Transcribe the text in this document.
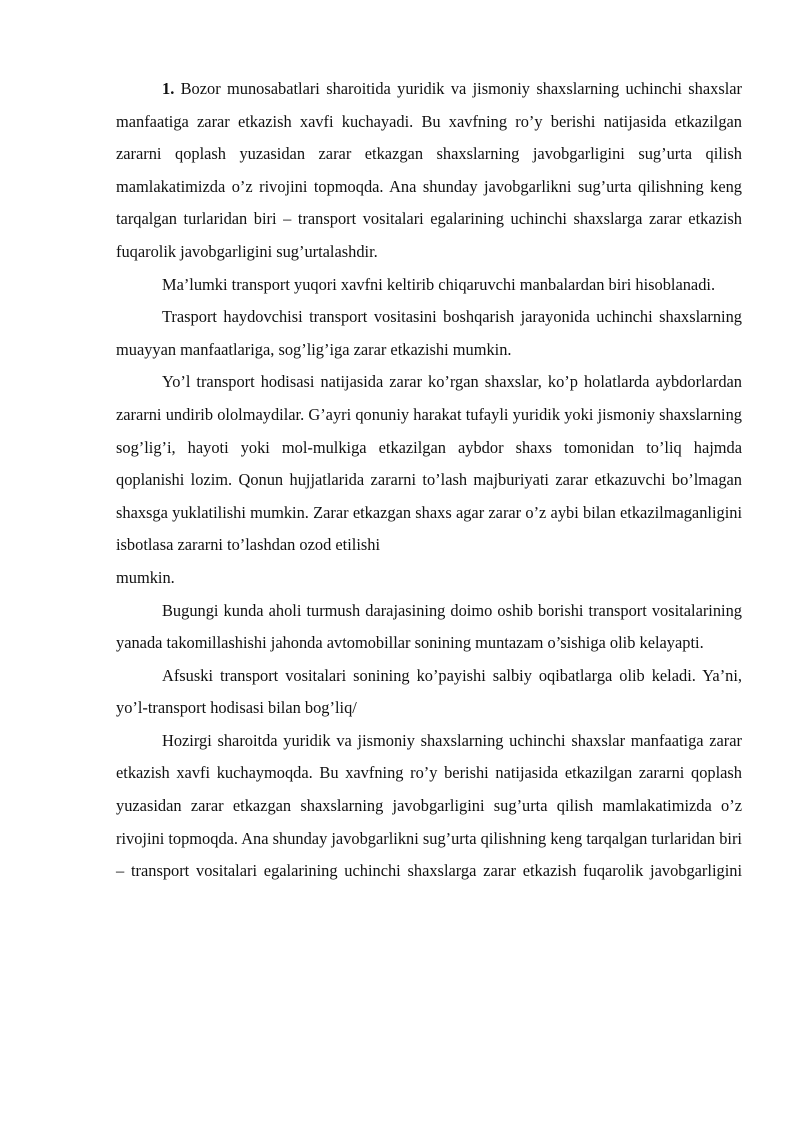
1. Bozor munosabatlari sharoitida yuridik va jismoniy shaxslarning uchinchi shaxslar manfaatiga zarar etkazish xavfi kuchayadi. Bu xavfning ro’y berishi natijasida etkazilgan zararni qoplash yuzasidan zarar etkazgan shaxslarning javobgarligini sug’urta qilish mamlakatimizda o’z rivojini topmoqda. Ana shunday javobgarlikni sug’urta qilishning keng tarqalgan turlaridan biri – transport vositalari egalarining uchinchi shaxslarga zarar etkazish fuqarolik javobgarligini sug’urtalashdir.

Ma’lumki transport yuqori xavfni keltirib chiqaruvchi manbalardan biri hisoblanadi.

Trasport haydovchisi transport vositasini boshqarish jarayonida uchinchi shaxslarning muayyan manfaatlariga, sog’lig’iga zarar etkazishi mumkin.

Yo’l transport hodisasi natijasida zarar ko’rgan shaxslar, ko’p holatlarda aybdorlardan zararni undirib ololmaydilar. G’ayri qonuniy harakat tufayli yuridik yoki jismoniy shaxslarning sog’lig’i, hayoti yoki mol-mulkiga etkazilgan aybdor shaxs tomonidan to’liq hajmda qoplanishi lozim. Qonun hujjatlarida zararni to’lash majburiyati zarar etkazuvchi bo’lmagan shaxsga yuklatilishi mumkin. Zarar etkazgan shaxs agar zarar o’z aybi bilan etkazilmaganligini isbotlasa zararni to’lashdan ozod etilishi

mumkin.

Bugungi kunda aholi turmush darajasining doimo oshib borishi transport vositalarining yanada takomillashishi jahonda avtomobillar sonining muntazam o’sishiga olib kelayapti.

Afsuski transport vositalari sonining ko’payishi salbiy oqibatlarga olib keladi. Ya’ni, yo’l-transport hodisasi bilan bog’liq/

Hozirgi sharoitda yuridik va jismoniy shaxslarning uchinchi shaxslar manfaatiga zarar etkazish xavfi kuchaymoqda. Bu xavfning ro’y berishi natijasida etkazilgan zararni qoplash yuzasidan zarar etkazgan shaxslarning javobgarligini sug’urta qilish mamlakatimizda o’z rivojini topmoqda. Ana shunday javobgarlikni sug’urta qilishning keng tarqalgan turlaridan biri – transport vositalari egalarining uchinchi shaxslarga zarar etkazish fuqarolik javobgarligini
